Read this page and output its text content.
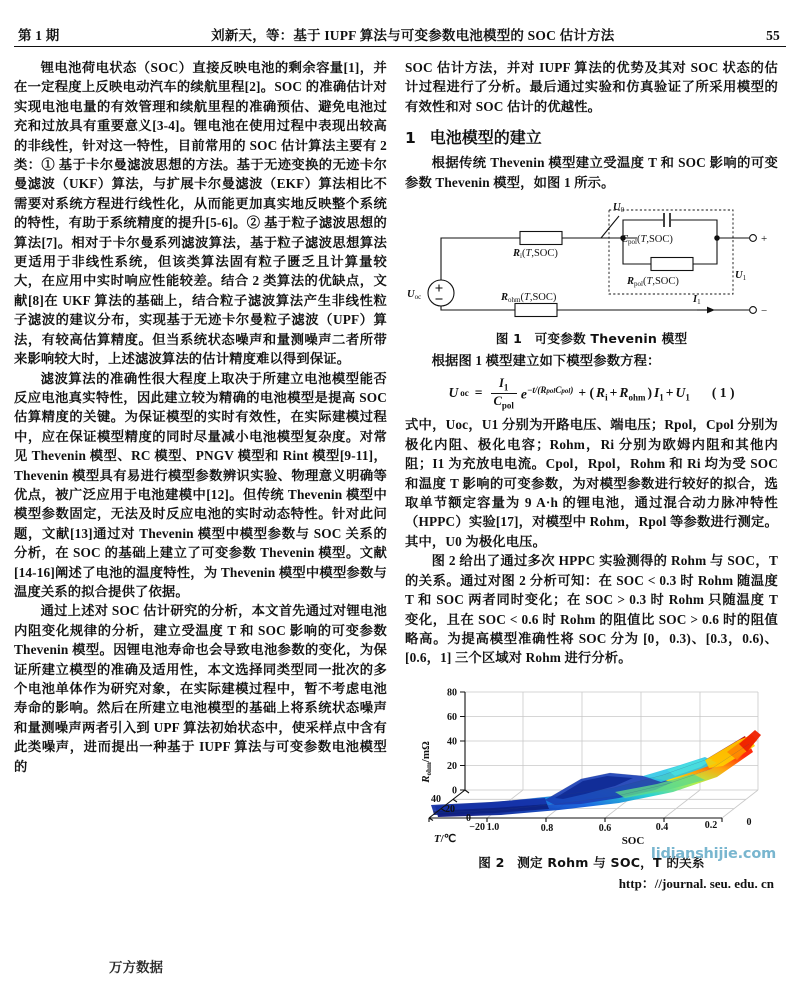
第 1 期	刘新天，等：基于 IUPF 算法与可变参数电池模型的 SOC 估计方法	55

锂电池荷电状态（SOC）直接反映电池的剩余容量[1]，并在一定程度上反映电动汽车的续航里程[2]。SOC 的准确估计对实现电池电量的有效管理和续航里程的准确预估、避免电池过充和过放具有重要意义[3-4]。锂电池在使用过程中表现出较高的非线性，针对这一特性，目前常用的 SOC 估计算法主要有 2 类：① 基于卡尔曼滤波思想的方法。基于无迹变换的无迹卡尔曼滤波（UKF）算法，与扩展卡尔曼滤波（EKF）算法相比不需要对系统方程进行线性化，从而能更加真实地反映整个系统的特性，有助于系统精度的提升[5-6]。② 基于粒子滤波思想的算法[7]。相对于卡尔曼系列滤波算法，基于粒子滤波思想算法更适用于非线性系统，但该类算法固有粒子匮乏且计算量较大，在应用中实时响应性能较差。结合 2 类算法的优缺点，文献[8]在 UKF 算法的基础上，结合粒子滤波算法产生非线性粒子滤波的建议分布，实现基于无迹卡尔曼粒子滤波（UPF）算法，有较高估算精度。但当系统状态噪声和量测噪声二者所带来影响较大时，上述滤波算法的估计精度难以得到保证。

滤波算法的准确性很大程度上取决于所建立电池模型能否反应电池真实特性，因此建立较为精确的电池模型是提高 SOC 估算精度的关键。为保证模型的实时有效性，在实际建模过程中，应在保证模型精度的同时尽量减小电池模型复杂度。对常见 Thevenin 模型、RC 模型、PNGV 模型和 Rint 模型[9-11]，Thevenin 模型具有易进行模型参数辨识实验、物理意义明确等优点，被广泛应用于电池建模中[12]。但传统 Thevenin 模型中模型参数固定，无法及时反应电池的实时动态特性。针对此问题，文献[13]通过对 Thevenin 模型中模型参数与 SOC 关系的分析，在 SOC 的基础上建立了可变参数 Thevenin 模型。文献[14-16]阐述了电池的温度特性，为 Thevenin 模型中模型参数与温度关系的拟合提供了依据。

通过上述对 SOC 估计研究的分析，本文首先通过对锂电池内阻变化规律的分析，建立受温度 T 和 SOC 影响的可变参数 Thevenin 模型。因锂电池寿命也会导致电池参数的变化，为保证所建立模型的准确及适用性，本文选择同类型同一批次的多个电池单体作为研究对象，在实际建模过程中，暂不考虑电池寿命的影响。然后在所建立电池模型的基础上将系统状态噪声和量测噪声两者引入到 UPF 算法初始状态中，使采样点中含有此类噪声，进而提出一种基于 IUPF 算法与可变参数电池模型的

万方数据

SOC 估计方法，并对 IUPF 算法的优势及其对 SOC 状态的估计过程进行了分析。最后通过实验和仿真验证了所采用模型的有效性和对 SOC 估计的优越性。

1 电池模型的建立

根据传统 Thevenin 模型建立受温度 T 和 SOC 影响的可变参数 Thevenin 模型，如图 1 所示。

Uoc
U0
Ri(T,SOC)
Cpol(T,SOC)
Rpol(T,SOC)
Rohm(T,SOC)
U1
I1
+
−
图 1 可变参数 Thevenin 模型

根据图 1 模型建立如下模型参数方程：

U oc = $\frac{I_1}{C_{pol}} e^{-t/(RpolCpol)}$ + ( $R_i + R_{ohm}$ ) $I_1 + U_1$ ( 1 )

式中，Uoc，U1 分别为开路电压、端电压；Rpol，Cpol 分别为极化内阻、极化电容；Rohm，Ri 分别为欧姆内阻和其他内阻；I1 为充放电电流。Cpol，Rpol，Rohm 和 Ri 均为受 SOC 和温度 T 影响的可变参数，为对模型参数进行较好的拟合，选取单节额定容量为 9 A·h 的锂电池，通过混合动力脉冲特性（HPPC）实验[17]，对模型中 Rohm，Rpol 等参数进行测定。其中，U0 为极化电压。

图 2 给出了通过多次 HPPC 实验测得的 Rohm 与 SOC，T 的关系。通过对图 2 分析可知：在 SOC < 0.3 时 Rohm 随温度 T 和 SOC 两者同时变化；在 SOC > 0.3 时 Rohm 只随温度 T 变化，且在 SOC < 0.6 时 Rohm 的阻值比 SOC > 0.6 时的阻值略高。为提高模型准确性将 SOC 分为 [0，0.3)、[0.3，0.6)、[0.6，1] 三个区域对 Rohm 进行分析。

80
60
40
20
0
40
20
0
−20 1.0	0.8	0.6	0.4	0.2	0
Rohm/mΩ
T/℃	SOC
lidianshijie.com
图 2 测定 Rohm 与 SOC，T 的关系
http：//journal. seu. edu. cn
